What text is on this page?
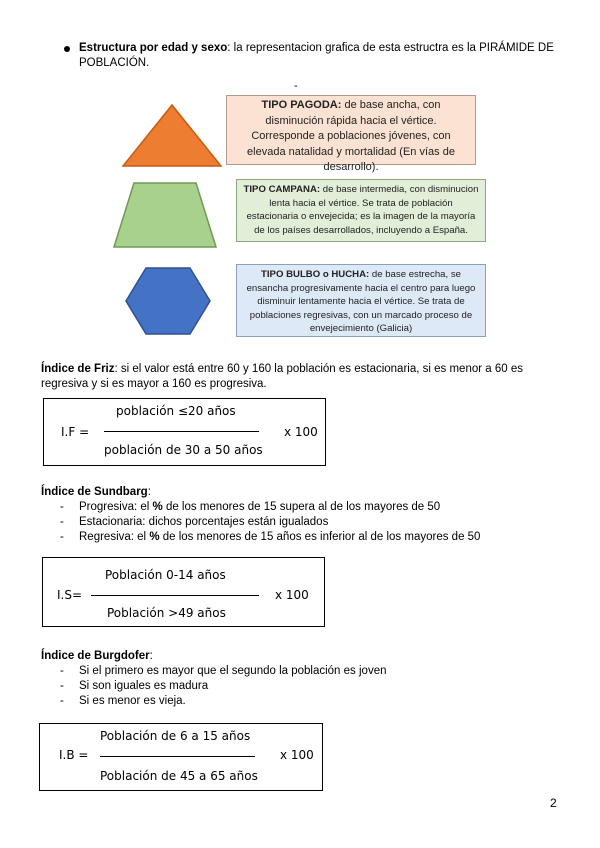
Estructura por edad y sexo: la representacion grafica de esta estructra es la PIRÁMIDE DE POBLACIÓN.
-
TIPO PAGODA: de base ancha, con disminución rápida hacia el vértice. Corresponde a poblaciones jóvenes, con elevada natalidad y mortalidad (En vías de desarrollo).
TIPO CAMPANA: de base intermedia, con disminucion lenta hacia el vértice. Se trata de población estacionaria o envejecida; es la imagen de la mayoría de los países desarrollados, incluyendo a España.
TIPO BULBO o HUCHA: de base estrecha, se ensancha progresivamente hacia el centro para luego disminuir lentamente hacia el vértice. Se trata de poblaciones regresivas, con un marcado proceso de envejecimiento (Galicia)
Índice de Friz: si el valor está entre 60 y 160 la población es estacionaria, si es menor a 60 es regresiva y si es mayor a 160 es progresiva.
población ≤20 años
I.F =	x 100
población de 30 a 50 años
Índice de Sundbarg:
- Progresiva: el % de los menores de 15 supera al de los mayores de 50
- Estacionaria: dichos porcentajes están igualados
- Regresiva: el % de los menores de 15 años es inferior al de los mayores de 50
Población 0-14 años
I.S=	x 100
Población >49 años
Índice de Burgdofer:
- Si el primero es mayor que el segundo la población es joven
- Si son iguales es madura
- Si es menor es vieja.
Población de 6 a 15 años
I.B =	x 100
Población de 45 a 65 años
2
